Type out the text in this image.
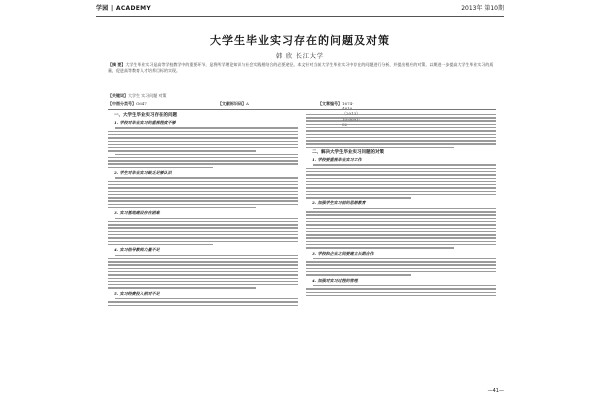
学园 | ACADEMY	2013年 第10期
大学生毕业实习存在的问题及对策
韩 欣 长江大学
【摘 要】大学生毕业实习是高等学校教学中的重要环节，是将所学理论知识与社会实践相结合的必要途径。本文针对当前大学生毕业实习中存在的问题进行分析，并提出相应的对策，以期进一步提高大学生毕业实习的质量，促进高等教育人才培养目标的实现。
【关键词】大学生 实习问题 对策
【中图分类号】 G647	【文献标识码】 A	【文章编号】 1674-4810
一、大学生毕业实习存在的问题
1. 学校对毕业实习的重视程度不够
2. 学生对毕业实习缺乏足够认识
3. 实习基地建设存在困难
4. 实习指导教师力量不足
5. 实习经费投入相对不足
二、解决大学生毕业实习问题的对策
1. 学校要重视毕业实习工作
2. 加强学生实习前的思想教育
3. 学校和企业之间要建立长期合作
4. 加强对实习过程的管理
—41—
